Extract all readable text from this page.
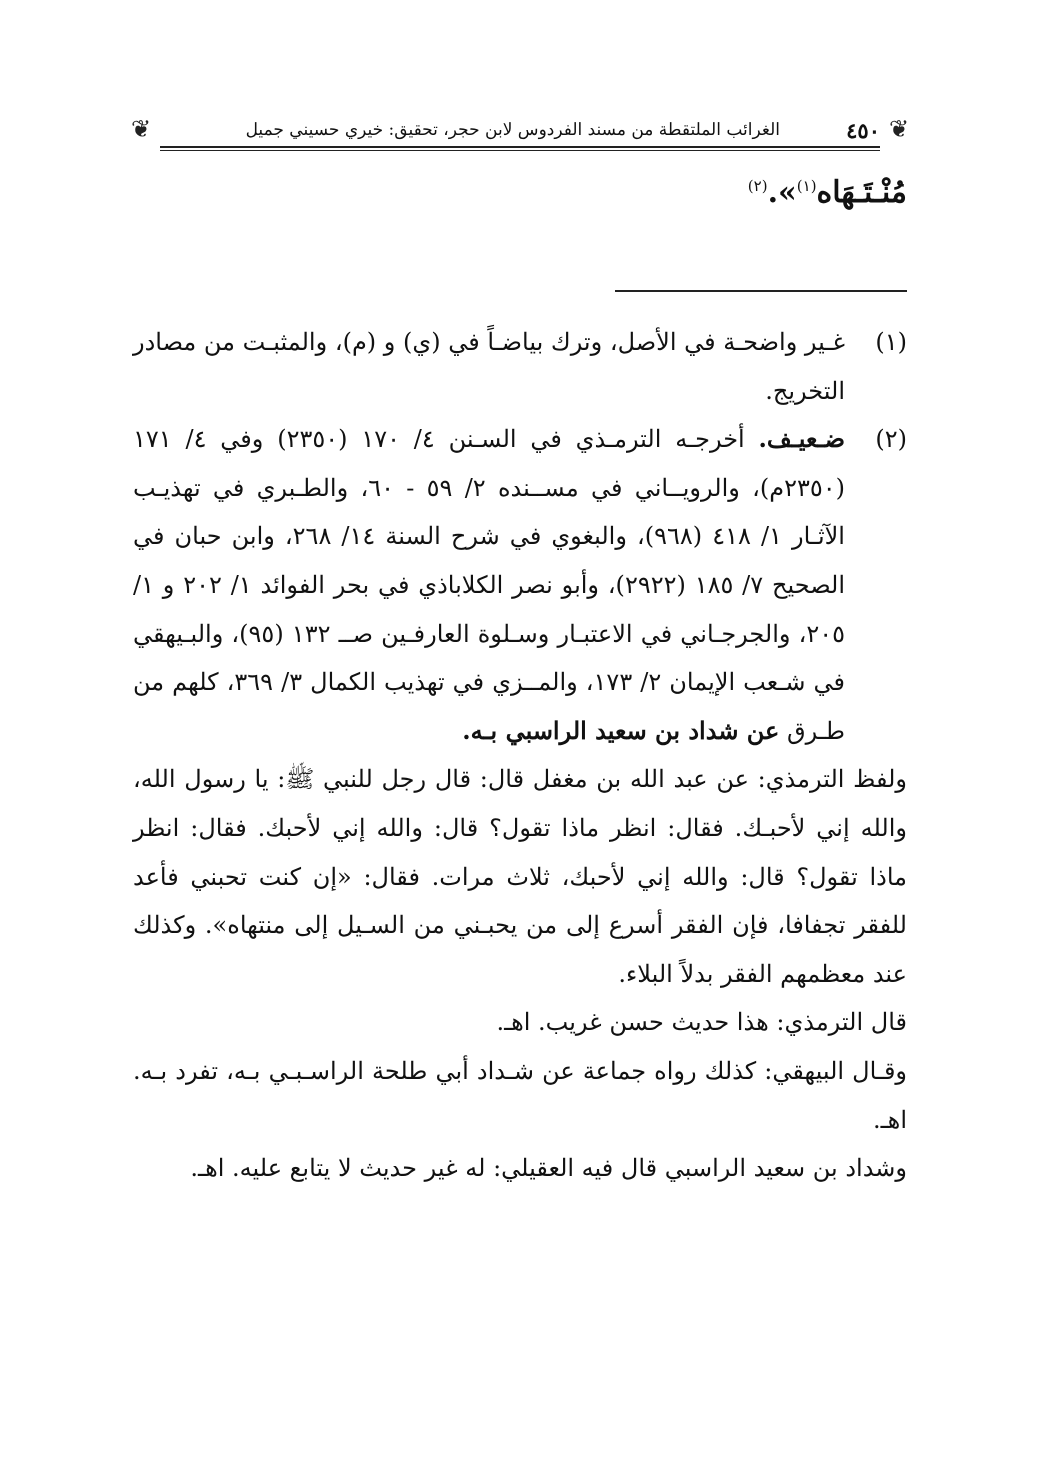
❦
٤٥٠
الغرائب الملتقطة من مسند الفردوس لابن حجر، تحقيق: خيري حسيني جميل
❦
مُنْـتَـهَاه$^{(١)}$».$^{(٢)}$
(١)
غـير واضحـة في الأصل، وترك بياضـاً في (ي) و (م)، والمثبـت من مصادر التخريج.
(٢)
ضـعيـف. أخرجـه الترمـذي في السـنن ٤/ ١٧٠ (٢٣٥٠) وفي ٤/ ١٧١ (٢٣٥٠م)، والرويــاني في مســنده ٢/ ٥٩ - ٦٠، والطـبري في تهذيـب الآثـار ١/ ٤١٨ (٩٦٨)، والبغوي في شرح السنة ١٤/ ٢٦٨، وابن حبان في الصحيح ٧/ ١٨٥ (٢٩٢٢)، وأبو نصر الكلاباذي في بحر الفوائد ١/ ٢٠٢ و ١/ ٢٠٥، والجرجـاني في الاعتبـار وسـلوة العارفـين صــ ١٣٢ (٩٥)، والبـيهقي في شـعب الإيمان ٢/ ١٧٣، والمــزي في تهذيب الكمال ٣/ ٣٦٩، كلهم من طـرق عن شداد بن سعيد الراسبي بـه.

ولفظ الترمذي: عن عبد الله بن مغفل قال: قال رجل للنبي ﷺ: يا رسول الله، والله إني لأحبـك. فقال: انظر ماذا تقول؟ قال: والله إني لأحبك. فقال: انظر ماذا تقول؟ قال: والله إني لأحبك، ثلاث مرات. فقال: «إن كنت تحبني فأعد للفقر تجفافا، فإن الفقر أسرع إلى من يحبـني من السـيل إلى منتهاه». وكذلك عند معظمهم الفقر بدلاً البلاء.

قال الترمذي: هذا حديث حسن غريب. اهـ.

وقـال البيهقي: كذلك رواه جماعة عن شـداد أبي طلحة الراسـبـي بـه، تفرد بـه. اهـ.

وشداد بن سعيد الراسبي قال فيه العقيلي: له غير حديث لا يتابع عليه. اهـ.
